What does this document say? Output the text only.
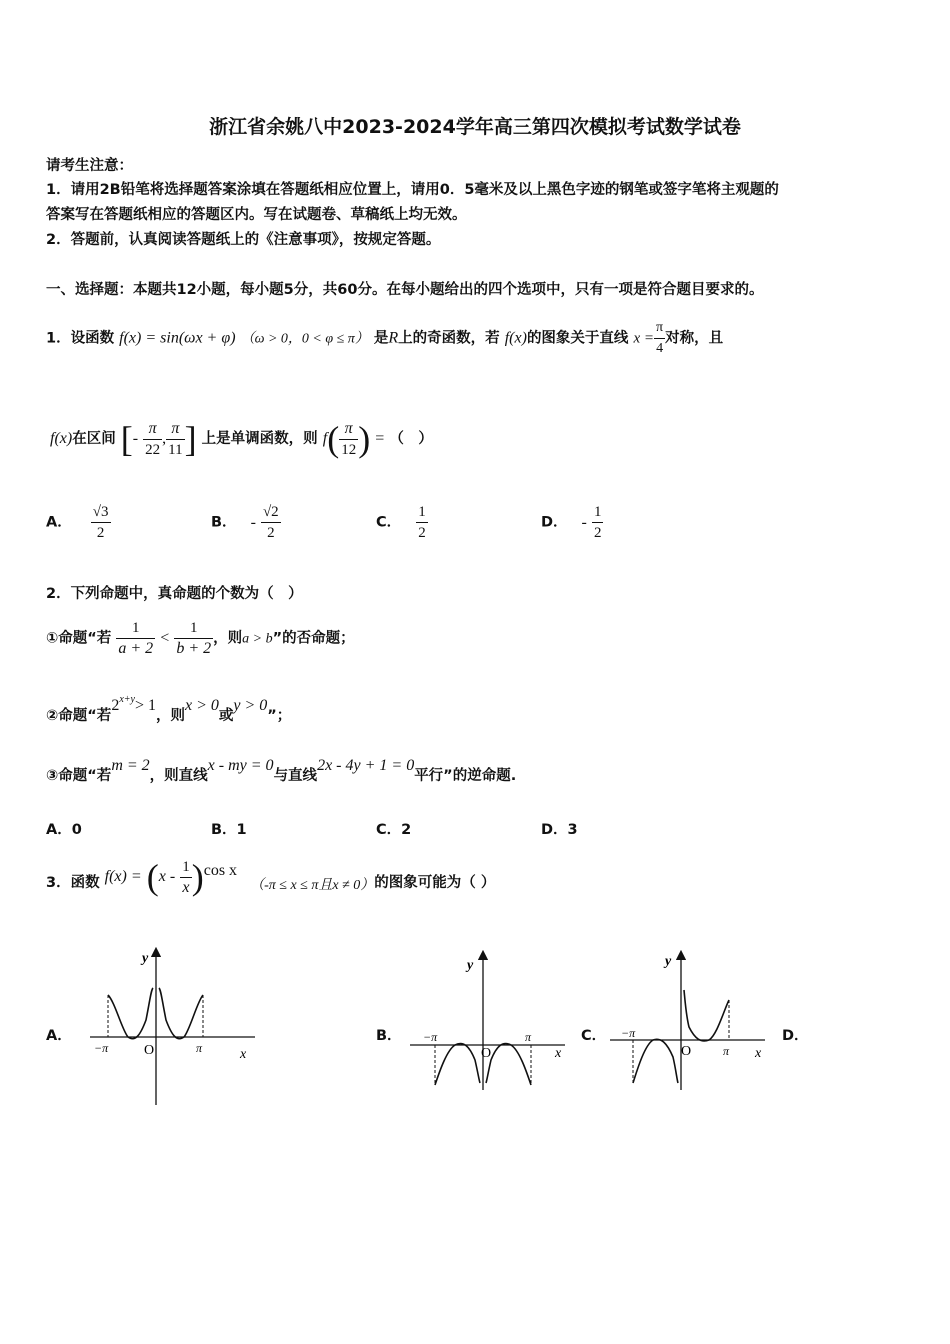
浙江省余姚八中2023-2024学年高三第四次模拟考试数学试卷
请考生注意：
1．请用2B铅笔将选择题答案涂填在答题纸相应位置上，请用0．5毫米及以上黑色字迹的钢笔或签字笔将主观题的
答案写在答题纸相应的答题区内。写在试题卷、草稿纸上均无效。
2．答题前，认真阅读答题纸上的《注意事项》，按规定答题。
一、选择题：本题共12小题，每小题5分，共60分。在每小题给出的四个选项中，只有一项是符合题目要求的。
1．设函数 f(x) = sin(ωx + φ) （ω > 0，0 < φ ≤ π） 是R上的奇函数，若 f(x)的图象关于直线 $x = \frac{\pi}{4}$ 对称，且
f(x)在区间 [- $\frac{\pi}{22}$ , $\frac{\pi}{11}$ ] 上是单调函数，则 $f( \frac{\pi}{12}$ ) = （　）
A． $\frac{√3}{2}$	B． - $\frac{√2}{2}$	C． $\frac{1}{2}$	D． - $\frac{1}{2}$
2．下列命题中，真命题的个数为（　）
①命题“若 $\frac{1}{a + 2} < \frac{1}{b + 2}$ ，则a > b”的否命题；
②命题“若$2^{x+y}> 1$，则x > 0或y > 0”；
③命题“若m = 2，则直线x - my = 0与直线2x - 4y + 1 = 0平行”的逆命题.
A．0	B．1	C．2	D．3
3．函数 $f(x) = (x - \frac{1}{x} )\cos$ x （-π ≤ x ≤ π且x ≠ 0）的图象可能为（ ）
A．	B．	C．	D．
y
x
O
−π	π
y
x
O
−π	π
y
x
O
−π
π
